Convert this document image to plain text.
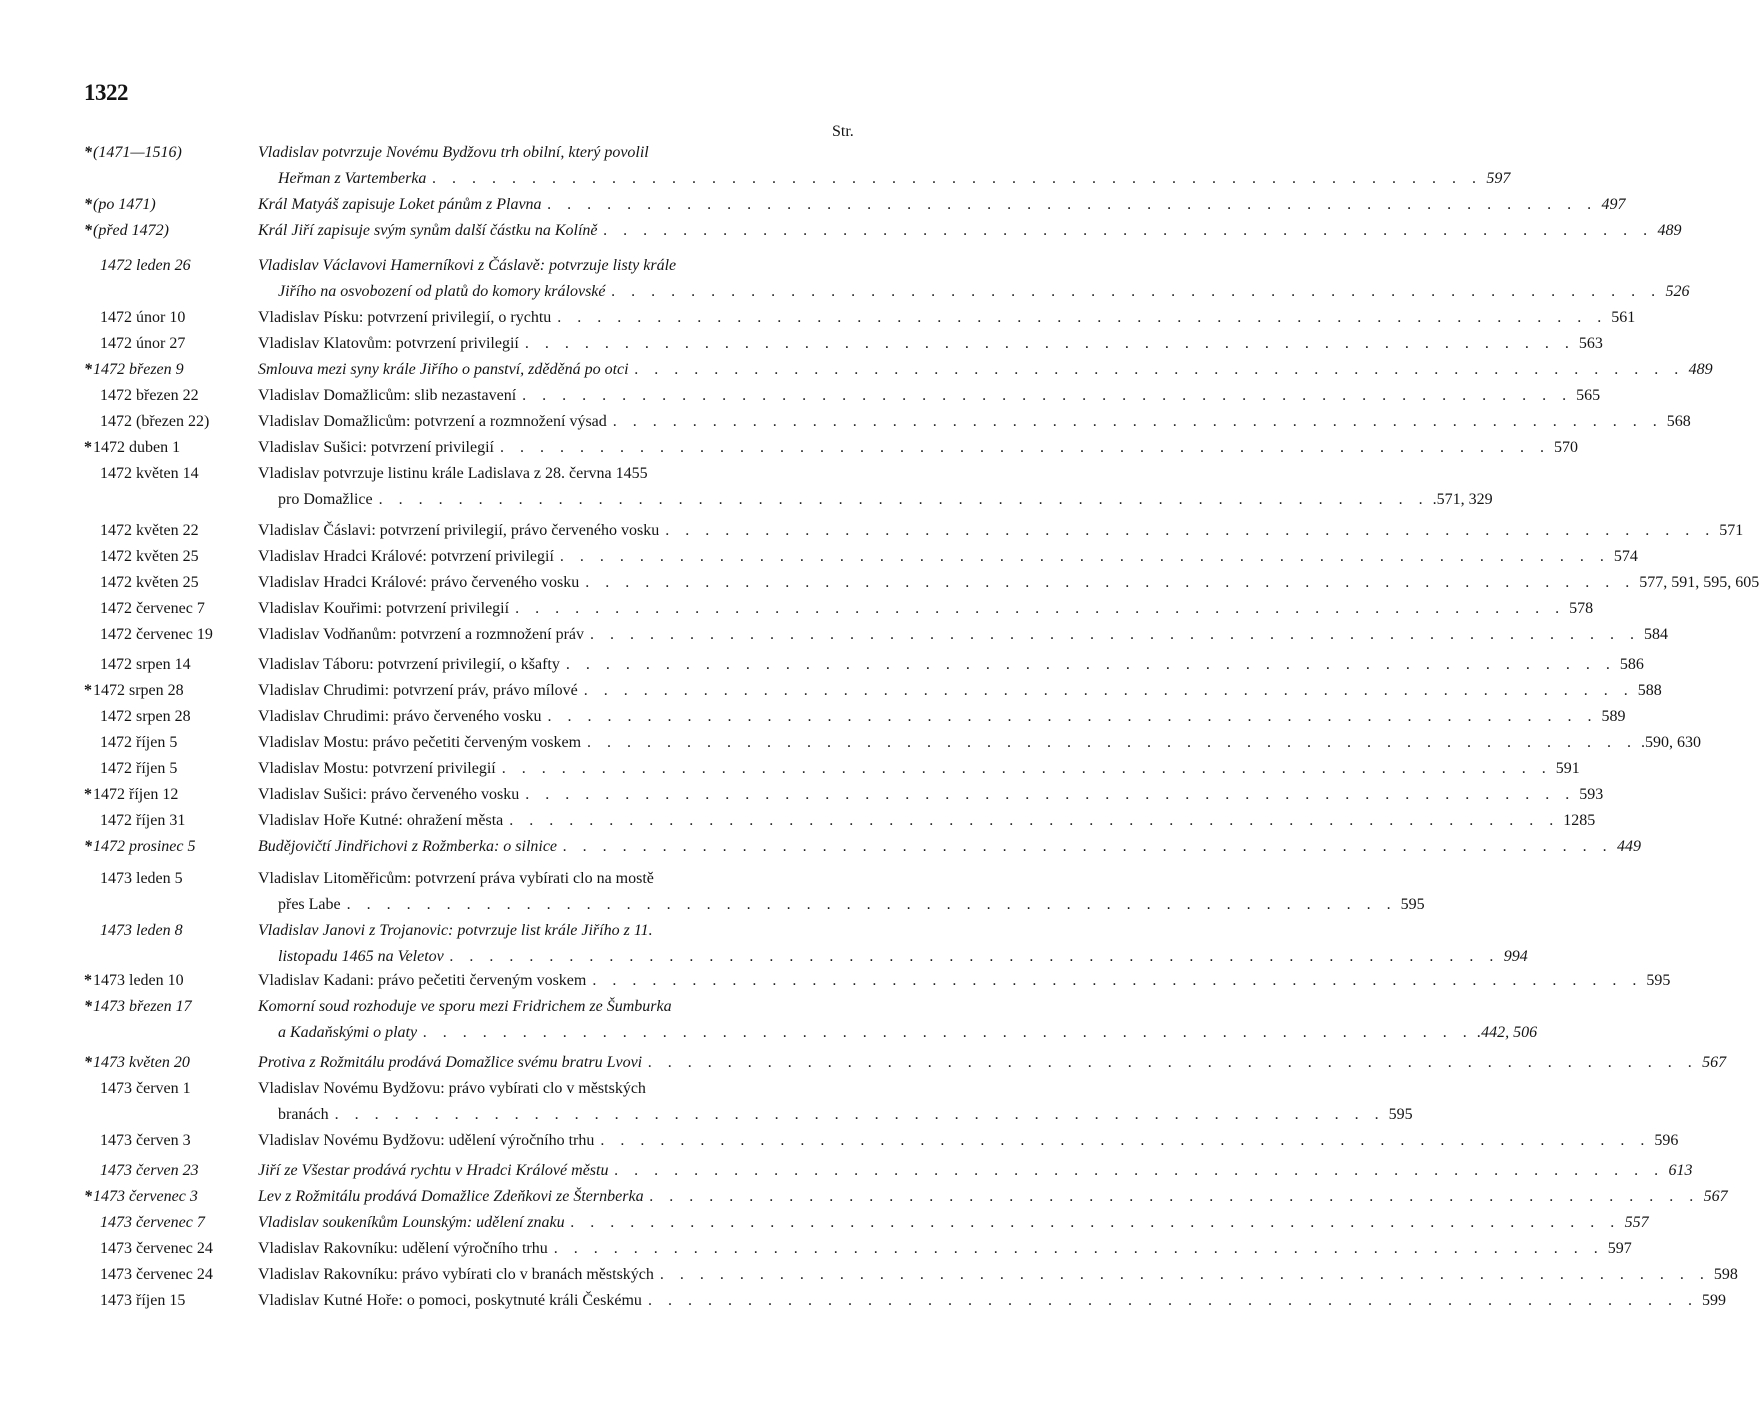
1322
Str.
*(1471—1516)	Vladislav potvrzuje Novému Bydžovu trh obilní, který povolil
Heřman z Vartemberka . . . . . . . . . . . . . . . . . . . . . . . . . . . . . . . . . . . . . . . . . . . . . . . . . . . . . 597
*(po 1471)	Král Matyáš zapisuje Loket pánům z Plavna . . . . . . . . . . . . . . . . . . . . . . . . . . . . . . . . . . . . . . . . . . . . . . . . . . . . . 497
*(před 1472)	Král Jiří zapisuje svým synům další částku na Kolíně . . . . . . . . . . . . . . . . . . . . . . . . . . . . . . . . . . . . . . . . . . . . . . . . . . . . . 489
1472 leden 26	Vladislav Václavovi Hamerníkovi z Čáslavě: potvrzuje listy krále
Jiřího na osvobození od platů do komory královské . . . . . . . . . . . . . . . . . . . . . . . . . . . . . . . . . . . . . . . . . . . . . . . . . . . . . 526
1472 únor 10	Vladislav Písku: potvrzení privilegií, o rychtu . . . . . . . . . . . . . . . . . . . . . . . . . . . . . . . . . . . . . . . . . . . . . . . . . . . . . 561
1472 únor 27	Vladislav Klatovům: potvrzení privilegií . . . . . . . . . . . . . . . . . . . . . . . . . . . . . . . . . . . . . . . . . . . . . . . . . . . . . 563
*1472 březen 9	Smlouva mezi syny krále Jiřího o panství, zděděná po otci . . . . . . . . . . . . . . . . . . . . . . . . . . . . . . . . . . . . . . . . . . . . . . . . . . . . . 489
1472 březen 22	Vladislav Domažlicům: slib nezastavení . . . . . . . . . . . . . . . . . . . . . . . . . . . . . . . . . . . . . . . . . . . . . . . . . . . . . 565
1472 (březen 22)	Vladislav Domažlicům: potvrzení a rozmnožení výsad . . . . . . . . . . . . . . . . . . . . . . . . . . . . . . . . . . . . . . . . . . . . . . . . . . . . . 568
*1472 duben 1	Vladislav Sušici: potvrzení privilegií . . . . . . . . . . . . . . . . . . . . . . . . . . . . . . . . . . . . . . . . . . . . . . . . . . . . . 570
1472 květen 14	Vladislav potvrzuje listinu krále Ladislava z 28. června 1455
pro Domažlice . . . . . . . . . . . . . . . . . . . . . . . . . . . . . . . . . . . . . . . . . . . . . . . . . . . . . .571, 329
1472 květen 22	Vladislav Čáslavi: potvrzení privilegií, právo červeného vosku . . . . . . . . . . . . . . . . . . . . . . . . . . . . . . . . . . . . . . . . . . . . . . . . . . . . . 571
1472 květen 25	Vladislav Hradci Králové: potvrzení privilegií . . . . . . . . . . . . . . . . . . . . . . . . . . . . . . . . . . . . . . . . . . . . . . . . . . . . . 574
1472 květen 25	Vladislav Hradci Králové: právo červeného vosku . . . . . . . . . . . . . . . . . . . . . . . . . . . . . . . . . . . . . . . . . . . . . . . . . . . . . 577, 591, 595, 605
1472 červenec 7	Vladislav Kouřimi: potvrzení privilegií . . . . . . . . . . . . . . . . . . . . . . . . . . . . . . . . . . . . . . . . . . . . . . . . . . . . . 578
1472 červenec 19	Vladislav Vodňanům: potvrzení a rozmnožení práv . . . . . . . . . . . . . . . . . . . . . . . . . . . . . . . . . . . . . . . . . . . . . . . . . . . . . 584
1472 srpen 14	Vladislav Táboru: potvrzení privilegií, o kšafty . . . . . . . . . . . . . . . . . . . . . . . . . . . . . . . . . . . . . . . . . . . . . . . . . . . . . 586
*1472 srpen 28	Vladislav Chrudimi: potvrzení práv, právo mílové . . . . . . . . . . . . . . . . . . . . . . . . . . . . . . . . . . . . . . . . . . . . . . . . . . . . . 588
1472 srpen 28	Vladislav Chrudimi: právo červeného vosku . . . . . . . . . . . . . . . . . . . . . . . . . . . . . . . . . . . . . . . . . . . . . . . . . . . . . 589
1472 říjen 5	Vladislav Mostu: právo pečetiti červeným voskem . . . . . . . . . . . . . . . . . . . . . . . . . . . . . . . . . . . . . . . . . . . . . . . . . . . . . .590, 630
1472 říjen 5	Vladislav Mostu: potvrzení privilegií . . . . . . . . . . . . . . . . . . . . . . . . . . . . . . . . . . . . . . . . . . . . . . . . . . . . . 591
*1472 říjen 12	Vladislav Sušici: právo červeného vosku . . . . . . . . . . . . . . . . . . . . . . . . . . . . . . . . . . . . . . . . . . . . . . . . . . . . . 593
1472 říjen 31	Vladislav Hoře Kutné: ohražení města . . . . . . . . . . . . . . . . . . . . . . . . . . . . . . . . . . . . . . . . . . . . . . . . . . . . . 1285
*1472 prosinec 5	Budějovičtí Jindřichovi z Rožmberka: o silnice . . . . . . . . . . . . . . . . . . . . . . . . . . . . . . . . . . . . . . . . . . . . . . . . . . . . . 449
1473 leden 5	Vladislav Litoměřicům: potvrzení práva vybírati clo na mostě
přes Labe . . . . . . . . . . . . . . . . . . . . . . . . . . . . . . . . . . . . . . . . . . . . . . . . . . . . . 595
1473 leden 8	Vladislav Janovi z Trojanovic: potvrzuje list krále Jiřího z 11.
listopadu 1465 na Veletov . . . . . . . . . . . . . . . . . . . . . . . . . . . . . . . . . . . . . . . . . . . . . . . . . . . . . 994
*1473 leden 10	Vladislav Kadani: právo pečetiti červeným voskem . . . . . . . . . . . . . . . . . . . . . . . . . . . . . . . . . . . . . . . . . . . . . . . . . . . . . 595
*1473 březen 17	Komorní soud rozhoduje ve sporu mezi Fridrichem ze Šumburka
a Kadaňskými o platy . . . . . . . . . . . . . . . . . . . . . . . . . . . . . . . . . . . . . . . . . . . . . . . . . . . . . .442, 506
*1473 květen 20	Protiva z Rožmitálu prodává Domažlice svému bratru Lvovi . . . . . . . . . . . . . . . . . . . . . . . . . . . . . . . . . . . . . . . . . . . . . . . . . . . . . 567
1473 červen 1	Vladislav Novému Bydžovu: právo vybírati clo v městských
branách . . . . . . . . . . . . . . . . . . . . . . . . . . . . . . . . . . . . . . . . . . . . . . . . . . . . . 595
1473 červen 3	Vladislav Novému Bydžovu: udělení výročního trhu . . . . . . . . . . . . . . . . . . . . . . . . . . . . . . . . . . . . . . . . . . . . . . . . . . . . . 596
1473 červen 23	Jiří ze Všestar prodává rychtu v Hradci Králové městu . . . . . . . . . . . . . . . . . . . . . . . . . . . . . . . . . . . . . . . . . . . . . . . . . . . . . 613
*1473 červenec 3	Lev z Rožmitálu prodává Domažlice Zdeňkovi ze Šternberka . . . . . . . . . . . . . . . . . . . . . . . . . . . . . . . . . . . . . . . . . . . . . . . . . . . . . 567
1473 červenec 7	Vladislav soukeníkům Lounským: udělení znaku . . . . . . . . . . . . . . . . . . . . . . . . . . . . . . . . . . . . . . . . . . . . . . . . . . . . . 557
1473 červenec 24	Vladislav Rakovníku: udělení výročního trhu . . . . . . . . . . . . . . . . . . . . . . . . . . . . . . . . . . . . . . . . . . . . . . . . . . . . . 597
1473 červenec 24	Vladislav Rakovníku: právo vybírati clo v branách městských . . . . . . . . . . . . . . . . . . . . . . . . . . . . . . . . . . . . . . . . . . . . . . . . . . . . . 598
1473 říjen 15	Vladislav Kutné Hoře: o pomoci, poskytnuté králi Českému . . . . . . . . . . . . . . . . . . . . . . . . . . . . . . . . . . . . . . . . . . . . . . . . . . . . . 599
